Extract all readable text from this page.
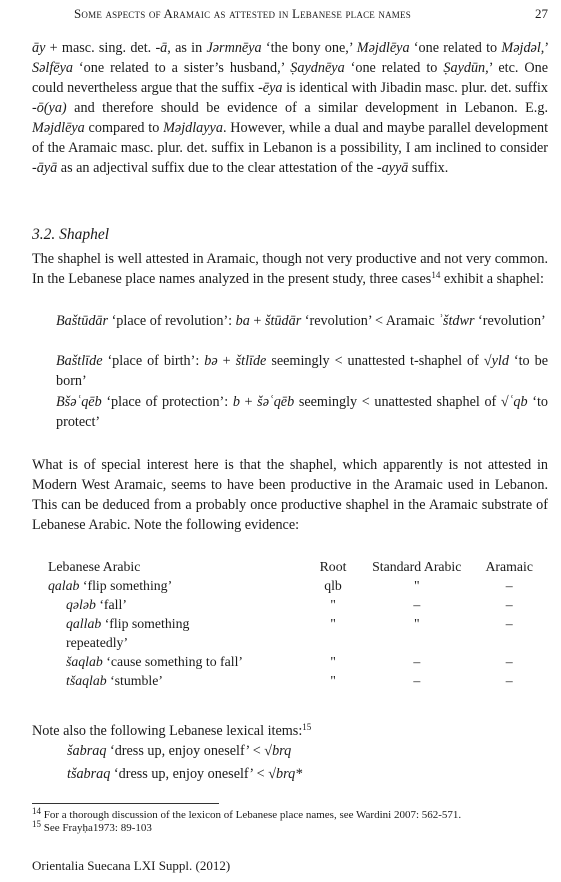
Some aspects of Aramaic as attested in Lebanese place names	27

āy + masc. sing. det. -ā, as in Jərmnēya ‘the bony one,’ Məjdlēya ‘one related to Məjdəl,’ Səlfēya ‘one related to a sister’s husband,’ Ṣaydnēya ‘one related to Ṣaydūn,’ etc. One could nevertheless argue that the suffix -ēya is identical with Jibadin masc. plur. det. suffix -ō(ya) and therefore should be evidence of a similar development in Lebanon. E.g. Məjdlēya compared to Məjdlayya. However, while a dual and maybe parallel development of the Aramaic masc. plur. det. suffix in Lebanon is a possibility, I am inclined to consider -āyā as an adjectival suffix due to the clear attestation of the -ayyā suffix.

3.2. Shaphel

The shaphel is well attested in Aramaic, though not very productive and not very common. In the Lebanese place names analyzed in the present study, three cases$^{14}$ exhibit a shaphel:

Baštūdār ‘place of revolution’: ba + štūdār ‘revolution’ < Aramaic ʾštdwr ‘revolution’
Baštlīde ‘place of birth’: bə + štlīde seemingly < unattested t-shaphel of √yld ‘to be born’
Bšəʿqēb ‘place of protection’: b + šəʿqēb seemingly < unattested shaphel of √ʿqb ‘to protect’

What is of special interest here is that the shaphel, which apparently is not attested in Modern West Aramaic, seems to have been productive in the Aramaic used in Lebanon. This can be deduced from a probably once productive shaphel in the Aramaic substrate of Lebanese Arabic. Note the following evidence:

Lebanese Arabic	Root	Standard Arabic	Aramaic
qalab ‘flip something’	qlb	"	–
qələb ‘fall’	"	–	–
qallab ‘flip something
repeatedly’	"	"	–
šaqlab ‘cause something to fall’	"	–	–
tšaqlab ‘stumble’	"	–	–

Note also the following Lebanese lexical items:$^{15}$

šabraq ‘dress up, enjoy oneself’ < √brq
tšabraq ‘dress up, enjoy oneself’ < √brq*
$^{14}$ For a thorough discussion of the lexicon of Lebanese place names, see Wardini 2007: 562-571.
$^{15}$ See Frayḥa1973: 89-103
Orientalia Suecana LXI Suppl. (2012)
